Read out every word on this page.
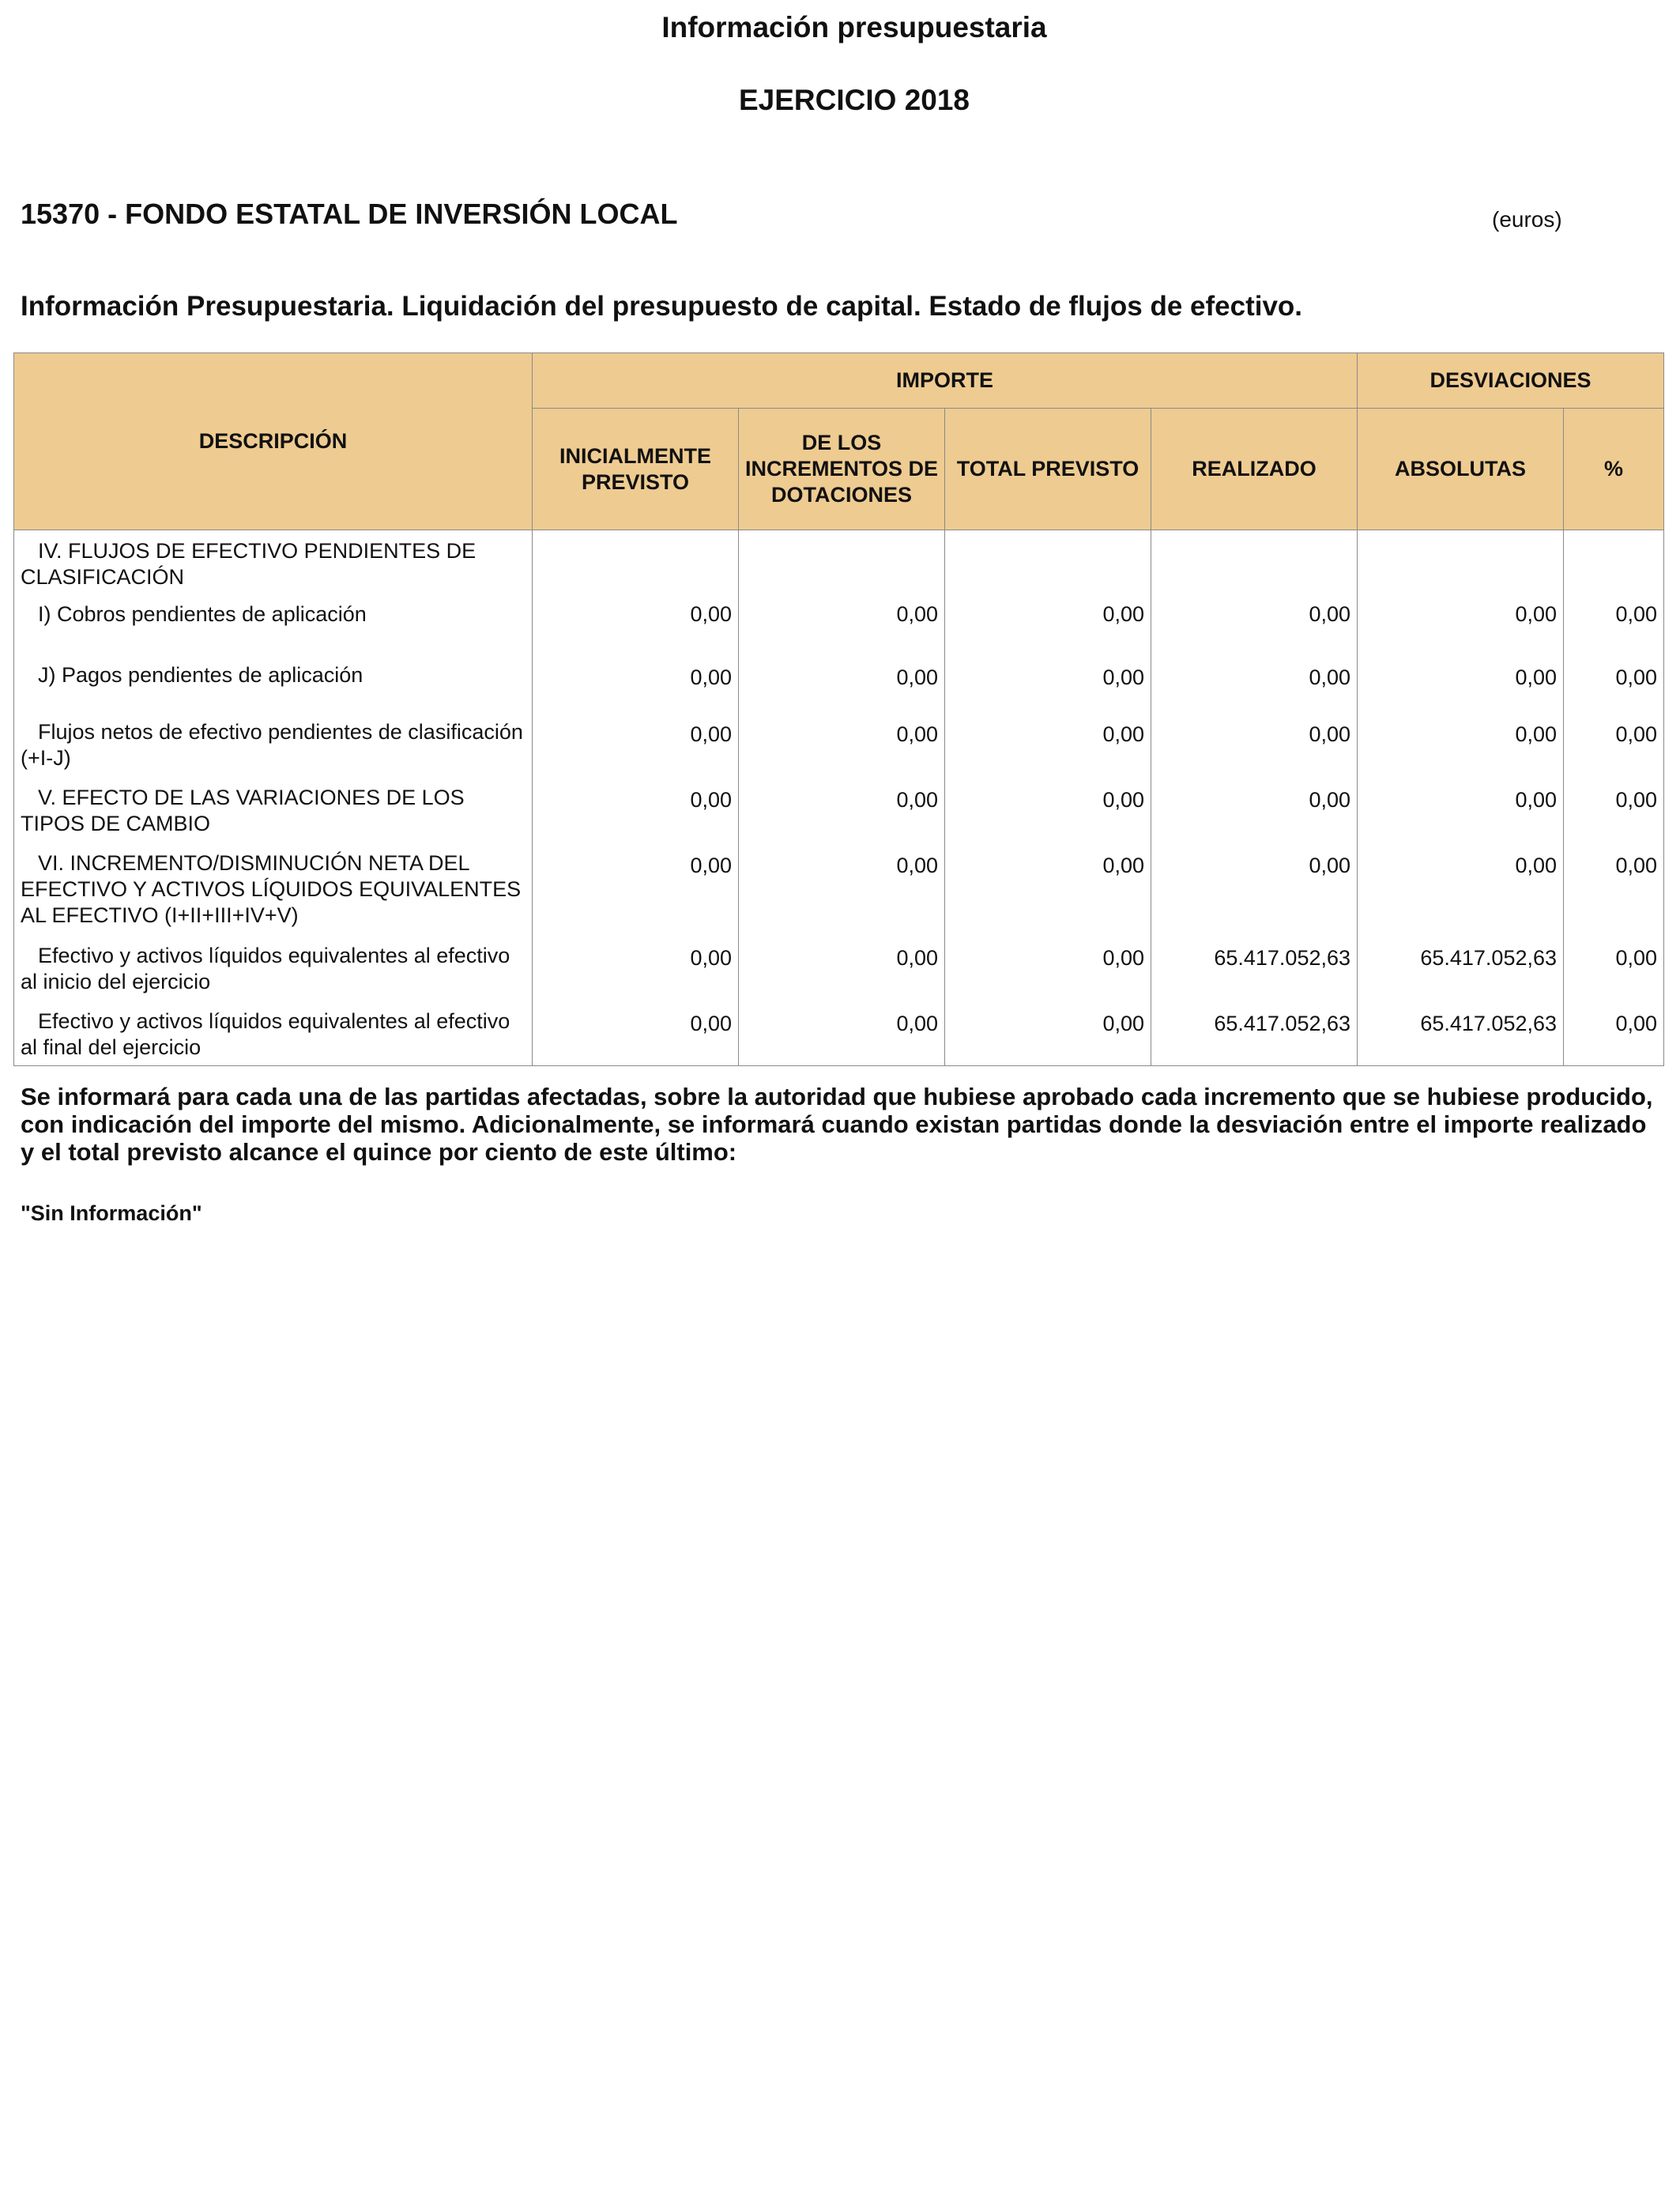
Información presupuestaria
EJERCICIO 2018
15370 - FONDO ESTATAL DE INVERSIÓN LOCAL	(euros)
Información Presupuestaria. Liquidación del presupuesto de capital. Estado de flujos de efectivo.
DESCRIPCIÓN	IMPORTE				DESVIACIONES	
	INICIALMENTE PREVISTO	DE LOS INCREMENTOS DE DOTACIONES	TOTAL PREVISTO	REALIZADO	ABSOLUTAS	%
IV. FLUJOS DE EFECTIVO PENDIENTES DE CLASIFICACIÓN						
I) Cobros pendientes de aplicación	0,00	0,00	0,00	0,00	0,00	0,00
J) Pagos pendientes de aplicación	0,00	0,00	0,00	0,00	0,00	0,00
Flujos netos de efectivo pendientes de clasificación (+I-J)	0,00	0,00	0,00	0,00	0,00	0,00
V. EFECTO DE LAS VARIACIONES DE LOS TIPOS DE CAMBIO	0,00	0,00	0,00	0,00	0,00	0,00
VI. INCREMENTO/DISMINUCIÓN NETA DEL EFECTIVO Y ACTIVOS LÍQUIDOS EQUIVALENTES AL EFECTIVO (I+II+III+IV+V)	0,00	0,00	0,00	0,00	0,00	0,00
Efectivo y activos líquidos equivalentes al efectivo al inicio del ejercicio	0,00	0,00	0,00	65.417.052,63	65.417.052,63	0,00
Efectivo y activos líquidos equivalentes al efectivo al final del ejercicio	0,00	0,00	0,00	65.417.052,63	65.417.052,63	0,00
Se informará para cada una de las partidas afectadas, sobre la autoridad que hubiese aprobado cada incremento que se hubiese producido, con indicación del importe del mismo. Adicionalmente, se informará cuando existan partidas donde la desviación entre el importe realizado y el total previsto alcance el quince por ciento de este último:
"Sin Información"
